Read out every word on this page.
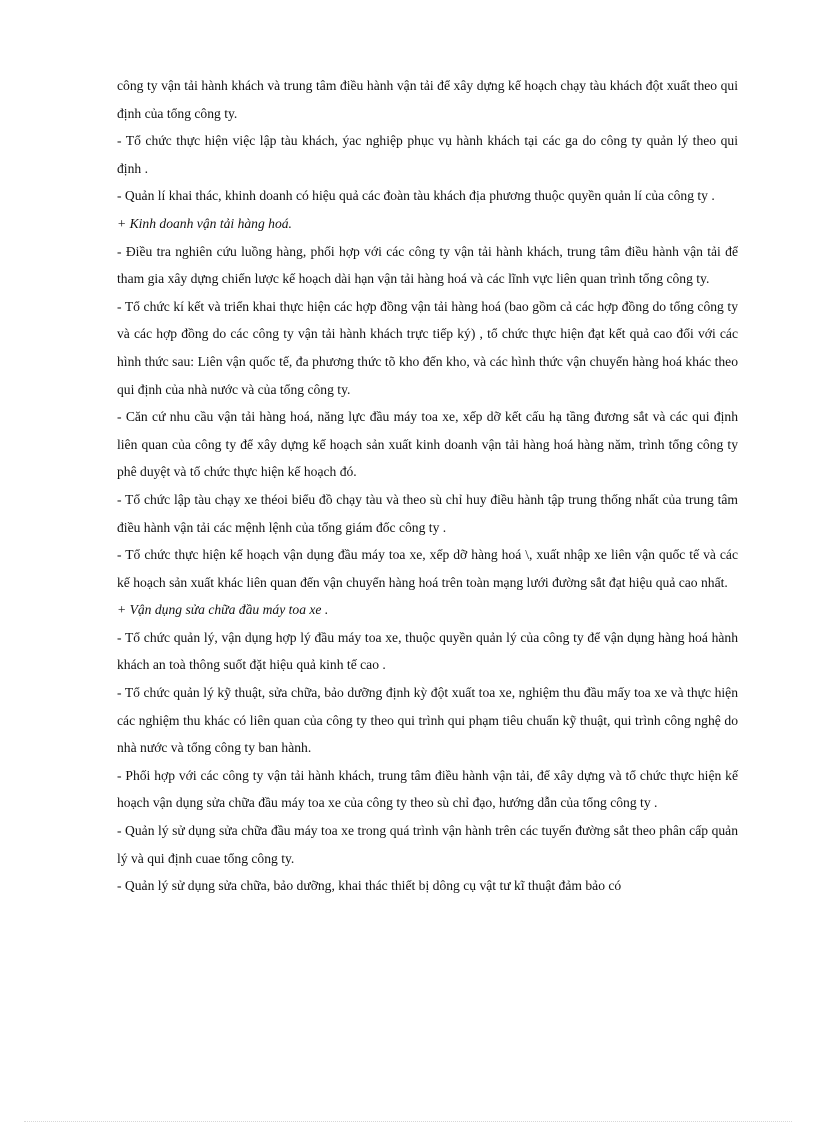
công ty vận tải hành khách và trung tâm điều hành vận tải để xây dựng kế hoạch chạy tàu khách đột xuất theo qui định của tổng công ty.

- Tổ chức thực hiện việc lập tàu khách, ýac nghiệp phục vụ hành khách tại các ga do công ty quản lý theo qui định .

- Quản lí khai thác, khinh doanh có hiệu quả các đoàn tàu khách địa phương thuộc quyền quản lí của công ty .

+ Kinh doanh vận tải hàng hoá.

- Điều tra nghiên cứu luồng hàng, phối hợp với các công ty vận tải hành khách, trung tâm điều hành vận tải để tham gia xây dựng chiến lược kế hoạch dài hạn vận tải hàng hoá và các lĩnh vực liên quan trình tổng công ty.

- Tổ chức kí kết và triển khai thực hiện các hợp đồng vận tải hàng hoá (bao gồm cả các hợp đồng do tổng công ty và các hợp đồng do các công ty vận tải hành khách trực tiếp ký) , tổ chức thực hiện đạt kết quả cao đối với các hình thức sau: Liên vận quốc tế, đa phương thức tõ kho đến kho, và các hình thức vận chuyển hàng hoá khác theo qui định của nhà nước và của tổng công ty.

- Căn cứ nhu cầu vận tải hàng hoá, năng lực đầu máy toa xe, xếp dỡ kết cấu hạ tầng đương sắt và các qui định liên quan của công ty để xây dựng kế hoạch sản xuất kinh doanh vận tải hàng hoá hàng năm, trình tổng công ty phê duyệt và tổ chức thực hiện kế hoạch đó.

- Tổ chức lập tàu chạy xe théoi biểu đồ chạy tàu và theo sù chỉ huy điều hành tập trung thống nhất của trung tâm điều hành vận tải các mệnh lệnh của tổng giám đốc công ty .

- Tổ chức thực hiện kế hoạch vận dụng đầu máy toa xe, xếp dỡ hàng hoá \, xuất nhập xe liên vận quốc tế và các kế hoạch sản xuất khác liên quan đến vận chuyển hàng hoá trên toàn mạng lưới đường sắt đạt hiệu quả cao nhất.

+ Vận dụng sửa chữa đầu máy toa xe .

- Tổ chức quản lý, vận dụng hợp lý đầu máy toa xe, thuộc quyền quản lý của công ty để vận dụng hàng hoá hành khách an toà thông suốt đặt hiệu quả kinh tế cao .

- Tổ chức quản lý kỹ thuật, sửa chữa, bảo dưỡng định kỳ đột xuất toa xe, nghiệm thu đầu mấy toa xe và thực hiện các nghiệm thu khác có liên quan của công ty theo qui trình qui phạm tiêu chuẩn kỹ thuật, qui trình công nghệ do nhà nước và tổng công ty ban hành.

- Phối hợp với các công ty vận tải hành khách, trung tâm điều hành vận tải, để xây dựng và tổ chức thực hiện kế hoạch vận dụng sửa chữa đầu máy toa xe của công ty theo sù chỉ đạo, hướng dẫn của tổng công ty .

- Quản lý sử dụng sửa chữa đầu máy toa xe trong quá trình vận hành trên các tuyến đường sắt theo phân cấp quản lý và qui định cuae tổng công ty.

- Quản lý sử dụng sửa chữa, bảo dưỡng, khai thác thiết bị dông cụ vật tư kĩ thuật đảm bảo có
